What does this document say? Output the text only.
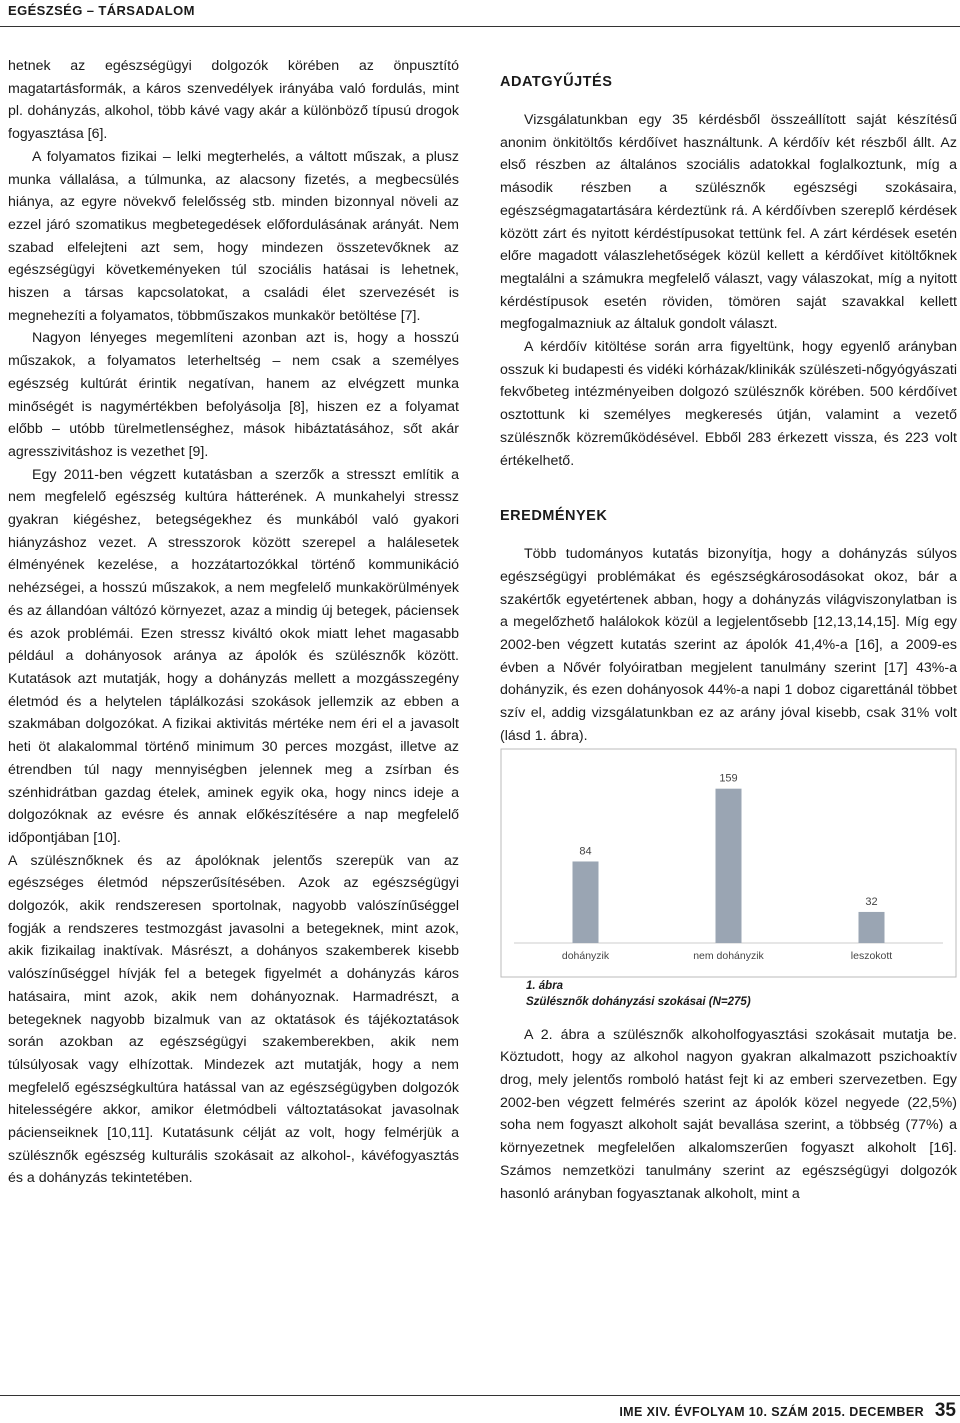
EGÉSZSÉG – TÁRSADALOM

hetnek az egészségügyi dolgozók körében az önpusztító magatartásformák, a káros szenvedélyek irányába való fordulás, mint pl. dohányzás, alkohol, több kávé vagy akár a különböző típusú drogok fogyasztása [6].

A folyamatos fizikai – lelki megterhelés, a váltott műszak, a plusz munka vállalása, a túlmunka, az alacsony fizetés, a megbecsülés hiánya, az egyre növekvő felelősség stb. minden bizonnyal növeli az ezzel járó szomatikus megbetegedések előfordulásának arányát. Nem szabad elfelejteni azt sem, hogy mindezen összetevőknek az egészségügyi követkeményeken túl szociális hatásai is lehetnek, hiszen a társas kapcsolatokat, a családi élet szervezését is megnehezíti a folyamatos, többműszakos munkakör betöltése [7].

Nagyon lényeges megemlíteni azonban azt is, hogy a hosszú műszakok, a folyamatos leterheltség – nem csak a személyes egészség kultúrát érintik negatívan, hanem az elvégzett munka minőségét is nagymértékben befolyásolja [8], hiszen ez a folyamat előbb – utóbb türelmetlenséghez, mások hibáztatásához, sőt akár agresszivitáshoz is vezethet [9].

Egy 2011-ben végzett kutatásban a szerzők a stresszt említik a nem megfelelő egészség kultúra hátterének. A munkahelyi stressz gyakran kiégéshez, betegségekhez és munkából való gyakori hiányzáshoz vezet. A stresszorok között szerepel a halálesetek élményének kezelése, a hozzátartozókkal történő kommunikáció nehézségei, a hosszú műszakok, a nem megfelelő munkakörülmények és az állandóan váltózó környezet, azaz a mindig új betegek, páciensek és azok problémái. Ezen stressz kiváltó okok miatt lehet magasabb például a dohányosok aránya az ápolók és szülésznők között. Kutatások azt mutatják, hogy a dohányzás mellett a mozgásszegény életmód és a helytelen táplálkozási szokások jellemzik az ebben a szakmában dolgozókat. A fizikai aktivitás mértéke nem éri el a javasolt heti öt alakalommal történő minimum 30 perces mozgást, illetve az étrendben túl nagy mennyiségben jelennek meg a zsírban és szénhidrátban gazdag ételek, aminek egyik oka, hogy nincs ideje a dolgozóknak az evésre és annak előkészítésére a nap megfelelő időpontjában [10].

A szülésznőknek és az ápolóknak jelentős szerepük van az egészséges életmód népszerűsítésében. Azok az egészségügyi dolgozók, akik rendszeresen sportolnak, nagyobb valószínűséggel fogják a rendszeres testmozgást javasolni a betegeknek, mint azok, akik fizikailag inaktívak. Másrészt, a dohányos szakemberek kisebb valószínűséggel hívják fel a betegek figyelmét a dohányzás káros hatásaira, mint azok, akik nem dohányoznak. Harmadrészt, a betegeknek nagyobb bizalmuk van az oktatások és tájékoztatások során azokban az egészségügyi szakemberekben, akik nem túlsúlyosak vagy elhízottak. Mindezek azt mutatják, hogy a nem megfelelő egészségkultúra hatással van az egészségügyben dolgozók hitelességére akkor, amikor életmódbeli változtatásokat javasolnak pácienseiknek [10,11]. Kutatásunk célját az volt, hogy felmérjük a szülésznők egészség kulturális szokásait az alkohol-, kávéfogyasztás és a dohányzás tekintetében.

ADATGYŰJTÉS

Vizsgálatunkban egy 35 kérdésből összeállított saját készítésű anonim önkitöltős kérdőívet használtunk. A kérdőív két részből állt. Az első részben az általános szociális adatokkal foglalkoztunk, míg a második részben a szülésznők egészségi szokásaira, egészségmagatartására kérdeztünk rá. A kérdőívben szereplő kérdések között zárt és nyitott kérdéstípusokat tettünk fel. A zárt kérdések esetén előre magadott válaszlehetőségek közül kellett a kérdőívet kitöltőknek megtalálni a számukra megfelelő választ, vagy válaszokat, míg a nyitott kérdéstípusok esetén röviden, tömören saját szavakkal kellett megfogalmazniuk az általuk gondolt választ.

A kérdőív kitöltése során arra figyeltünk, hogy egyenlő arányban osszuk ki budapesti és vidéki kórházak/klinikák szülészeti-nőgyógyászati fekvőbeteg intézményeiben dolgozó szülésznők körében. 500 kérdőívet osztottunk ki személyes megkeresés útján, valamint a vezető szülésznők közreműködésével. Ebből 283 érkezett vissza, és 223 volt értékelhető.

EREDMÉNYEK

Több tudományos kutatás bizonyítja, hogy a dohányzás súlyos egészségügyi problémákat és egészségkárosodásokat okoz, bár a szakértők egyetértenek abban, hogy a dohányzás világviszonylatban is a megelőzhető halálokok közül a legjelentősebb [12,13,14,15]. Míg egy 2002-ben végzett kutatás szerint az ápolók 41,4%-a [16], a 2009-es évben a Nővér folyóiratban megjelent tanulmány szerint [17] 43%-a dohányzik, és ezen dohányosok 44%-a napi 1 doboz cigarettánál többet szív el, addig vizsgálatunkban ez az arány jóval kisebb, csak 31% volt (lásd 1. ábra).

84
dohányzik
159
nem dohányzik
32
leszokott
1. ábra
Szülésznők dohányzási szokásai (N=275)

A 2. ábra a szülésznők alkoholfogyasztási szokásait mutatja be. Köztudott, hogy az alkohol nagyon gyakran alkalmazott pszichoaktív drog, mely jelentős romboló hatást fejt ki az emberi szervezetben. Egy 2002-ben végzett felmérés szerint az ápolók közel negyede (22,5%) soha nem fogyaszt alkoholt saját bevallása szerint, a többség (77%) a környezetnek megfelelően alkalomszerűen fogyaszt alkoholt [16]. Számos nemzetközi tanulmány szerint az egészségügyi dolgozók hasonló arányban fogyasztanak alkoholt, mint a

IME XIV. ÉVFOLYAM 10. SZÁM 2015. DECEMBER 35
